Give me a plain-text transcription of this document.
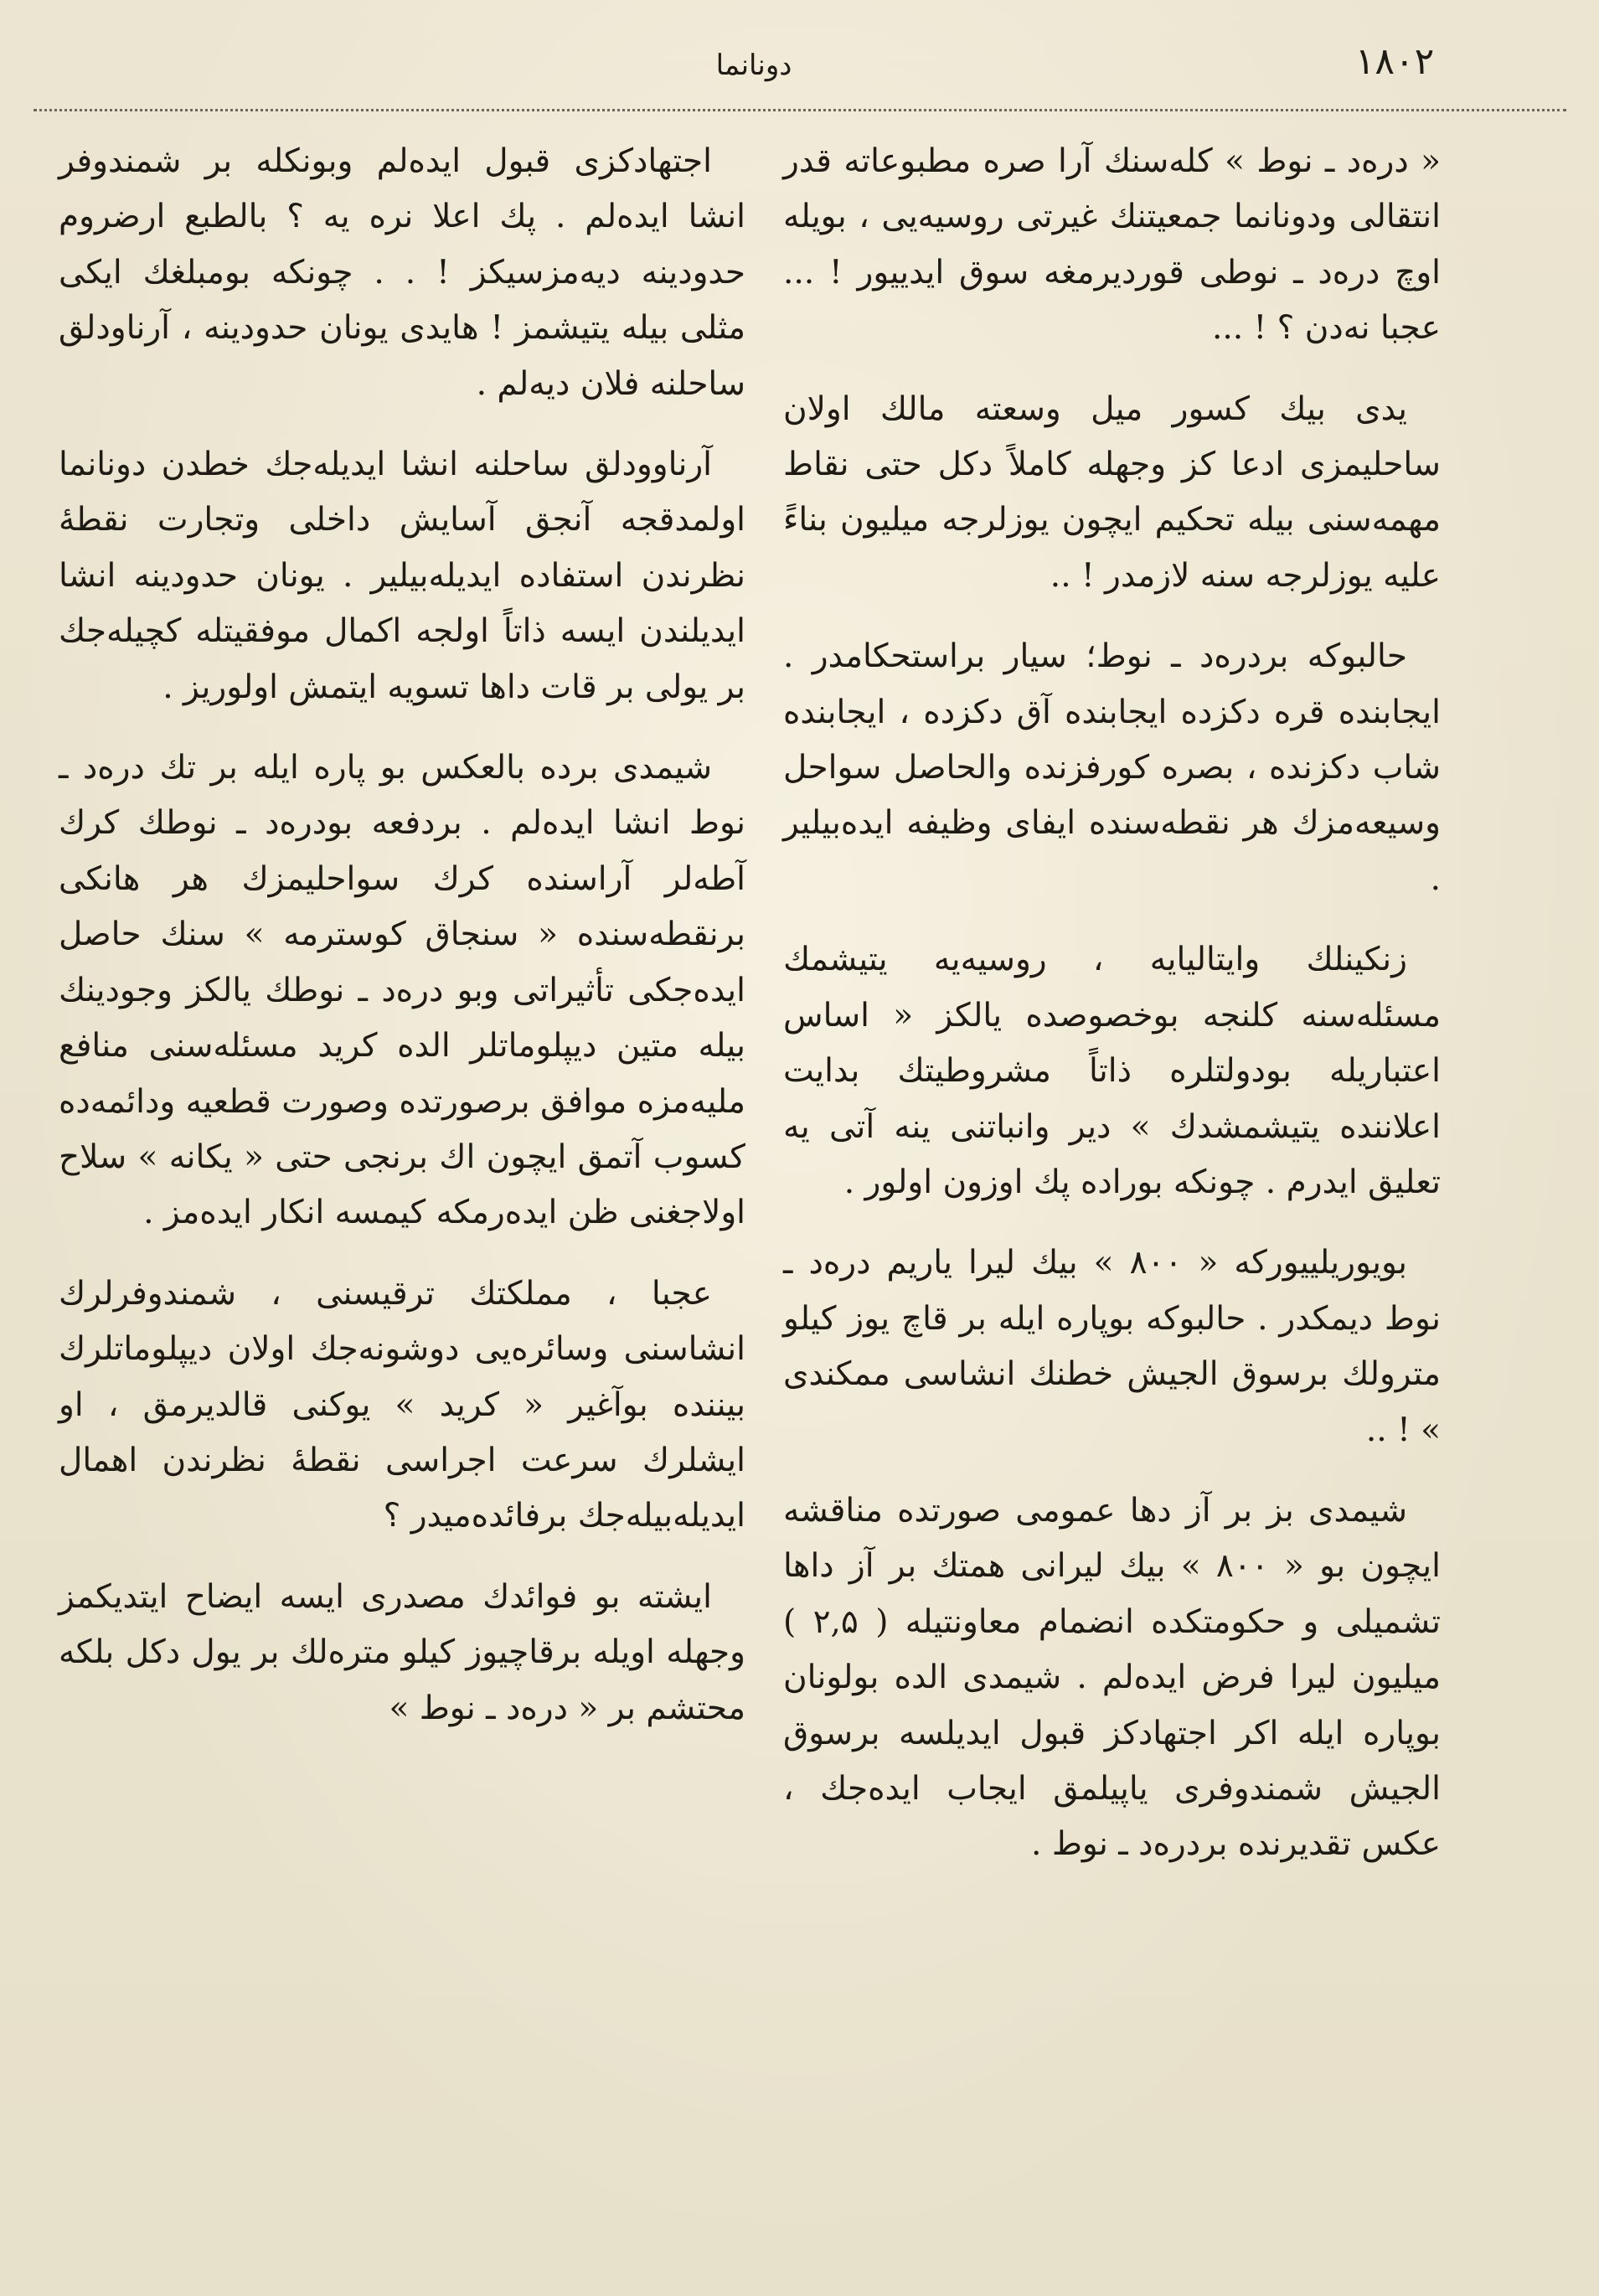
۱۸۰۲
دونانما

« درەد ـ نوط » کلەسنك آرا صره مطبوعاته قدر انتقالی ودونانما جمعیتنك غیرتی روسیەیی ، بویله اوچ درەد ـ نوطی قوردیرمغه سوق ایدیيور ! ... عجبا نەدن ؟ ! ...

یدی بیك کسور میل وسعته مالك اولان ساحلیمزی ادعا کز وجهله کاملاً دکل حتی نقاط مهمەسنی بیله تحکیم ایچون یوزلرجه میلیون بناءً علیه یوزلرجه سنه لازمدر ! ..

حالبوکه بردرەد ـ نوط؛ سیار براستحکامدر . ایجابنده قره دکزده ایجابنده آق دکزده ، ایجابنده شاب دکزنده ، بصره کورفزنده والحاصل سواحل وسیعەمزك هر نقطەسنده ایفای وظیفه ایدەبیلیر .

زنکینلك وایتالیایه ، روسیەیه یتیشمك مسئلەسنه کلنجه بوخصوصده یالکز « اساس اعتباریله بودولتلره ذاتاً مشروطیتك بدایت اعلاننده یتیشمشدك » دیر وانباتنی ینه آتی یه تعلیق ایدرم . چونکه بوراده پك اوزون اولور .

بویوریلیيورکه « ۸۰۰ » بیك لیرا یاریم درەد ـ نوط دیمکدر . حالبوکه بوپاره ایله بر قاچ یوز کیلو مترولك برسوق الجیش خطنك انشاسی ممکندی » ! ..

شیمدی بز بر آز دها عمومی صورتده مناقشه ایچون بو « ۸۰۰ » بیك لیرانی همتك بر آز داها تشمیلی و حکومتكده انضمام معاونتیله ( ۲,۵ ) میلیون لیرا فرض ایدەلم . شیمدی الده بولونان بوپاره ایله اکر اجتهادکز قبول ایدیلسه برسوق الجیش شمندوفری یاپیلمق ایجاب ایدەجك ، عکس تقدیرنده بردرەد ـ نوط .

اجتهادکزی قبول ایدەلم وبونکله بر شمندوفر انشا ایدەلم . پك اعلا نره یه ؟ بالطبع ارضروم حدودینه دیەمزسیکز ! . . چونکه بومبلغك ایکی مثلی بیله یتیشمز ! هایدی یونان حدودینه ، آرناودلق ساحلنه فلان دیەلم .

آرناوودلق ساحلنه انشا ایدیلەجك خطدن دونانما اولمدقجه آنجق آسایش داخلی وتجارت نقطهٔ نظرندن استفاده ایدیلەبیلیر . یونان حدودینه انشا ایدیلندن ایسه ذاتاً اولجه اکمال موفقیتله کچیلەجك بر یولی بر قات داها تسویه ایتمش اولوریز .

شیمدی برده بالعکس بو پاره ایله بر تك درەد ـ نوط انشا ایدەلم . بردفعه بودرەد ـ نوطك کرك آطەلر آراسنده کرك سواحلیمزك هر هانکی برنقطەسنده « سنجاق کوسترمه » سنك حاصل ایدەجکی تأثیراتی وبو درەد ـ نوطك یالکز وجودینك بیله متین دیپلوماتلر الده کرید مسئلەسنی منافع ملیەمزه موافق برصورتده وصورت قطعیه ودائمەده کسوب آتمق ایچون اك برنجی حتی « یکانه » سلاح اولاجغنی ظن ایدەرمکه کیمسه انکار ایدەمز .

عجبا ، مملکتك ترقیسنی ، شمندوفرلرك انشاسنی وسائرەیی دوشونەجك اولان دیپلوماتلرك بیننده بوآغیر « کرید » یوکنی قالدیرمق ، او ایشلرك سرعت اجراسی نقطهٔ نظرندن اهمال ایدیلەبیلەجك برفائدەمیدر ؟

ایشته بو فوائدك مصدری ایسه ایضاح ایتدیکمز وجهله اویله برقاچیوز کیلو مترەلك بر یول دکل بلکه محتشم بر « درەد ـ نوط »
